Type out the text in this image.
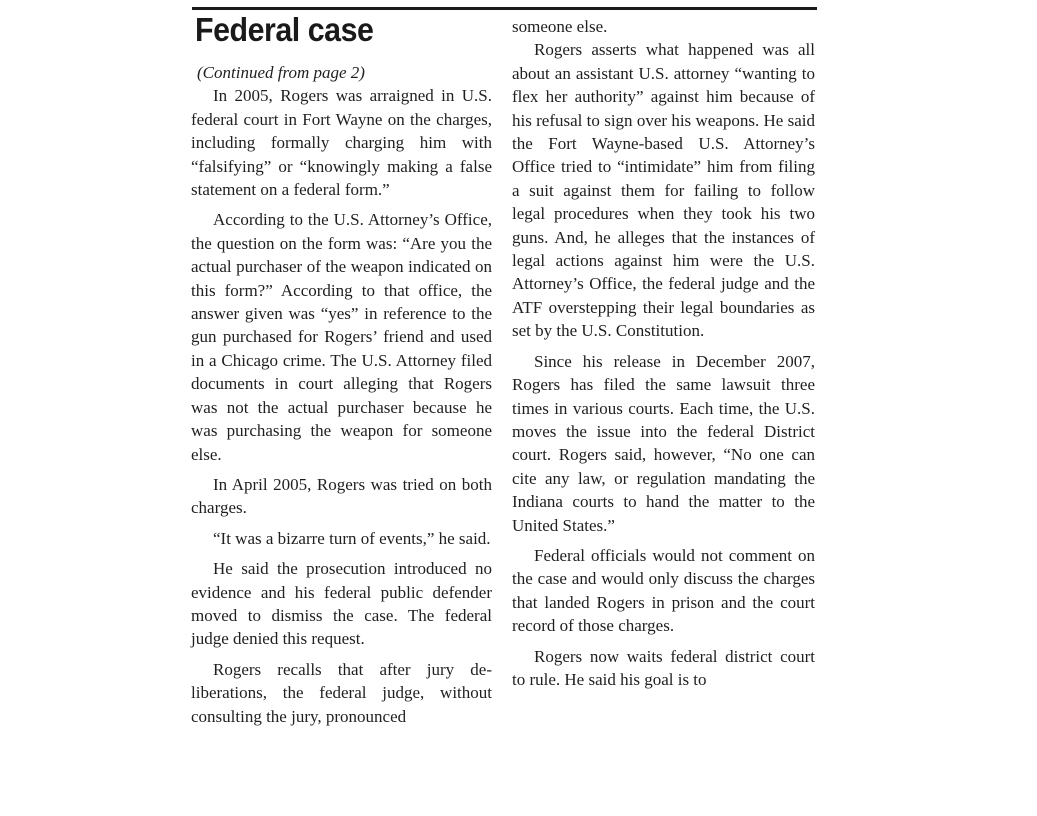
Federal case

(Continued from page 2)
In 2005, Rogers was arraigned in U.S. federal court in Fort Wayne on the charges, including formally charging him with “falsifying” or “knowingly making a false statement on a federal form.”

According to the U.S. Attorney’s Office, the question on the form was: “Are you the actual purchaser of the weapon indicated on this form?” According to that office, the answer given was “yes” in reference to the gun purchased for Rogers’ friend and used in a Chicago crime. The U.S. Attorney filed documents in court alleging that Rogers was not the actual purchaser because he was purchasing the weapon for someone else.

In April 2005, Rogers was tried on both charges.

“It was a bizarre turn of events,” he said.

He said the prosecution introduced no evidence and his federal public defender moved to dismiss the case. The federal judge denied this request.

Rogers recalls that after jury deliberations, the federal judge, without consulting the jury, pronounced

someone else.

Rogers asserts what happened was all about an assistant U.S. attorney “wanting to flex her authority” against him because of his refusal to sign over his weapons. He said the Fort Wayne-based U.S. Attorney’s Office tried to “intimidate” him from filing a suit against them for failing to follow legal procedures when they took his two guns. And, he alleges that the instances of legal actions against him were the U.S. Attorney’s Office, the federal judge and the ATF overstepping their legal boundaries as set by the U.S. Constitution.

Since his release in December 2007, Rogers has filed the same lawsuit three times in various courts. Each time, the U.S. moves the issue into the federal District court. Rogers said, however, “No one can cite any law, or regulation mandating the Indiana courts to hand the matter to the United States.”

Federal officials would not comment on the case and would only discuss the charges that landed Rogers in prison and the court record of those charges.

Rogers now waits federal district court to rule. He said his goal is to
